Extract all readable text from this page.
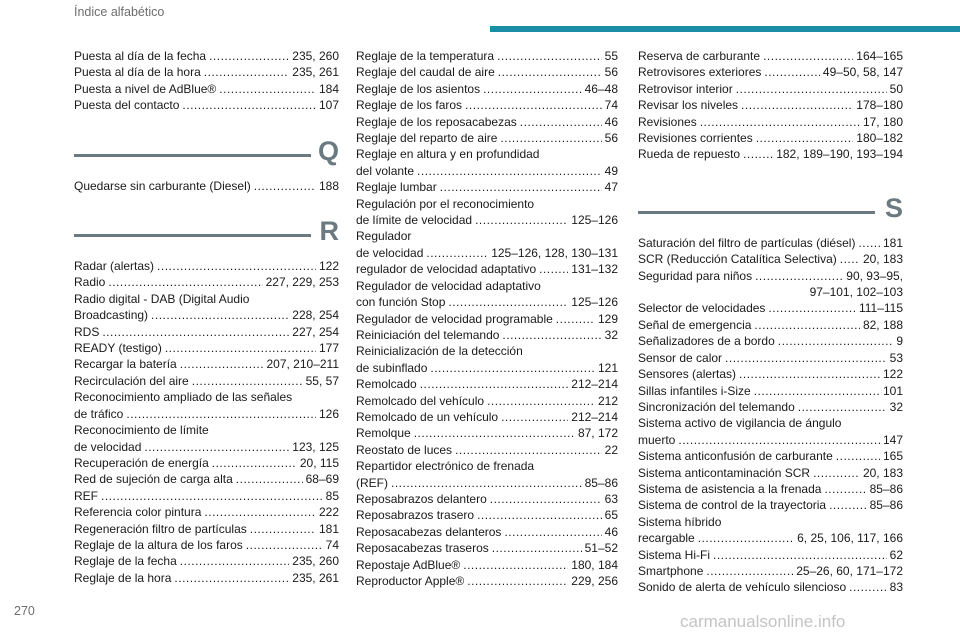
Índice alfabético
Puesta al día de la fecha .....	235, 260
Puesta al día de la hora .....	235, 261
Puesta a nivel de AdBlue® .....	184
Puesta del contacto .....	107
Q
Quedarse sin carburante (Diesel) .....	188
R
Radar (alertas) .....	122
Radio .....	227, 229, 253
Radio digital - DAB (Digital Audio
Broadcasting) .....	228, 254
RDS .....	227, 254
READY (testigo) .....	177
Recargar la batería .....	207, 210–211
Recirculación del aire .....	55, 57
Reconocimiento ampliado de las señales
de tráfico .....	126
Reconocimiento de límite
de velocidad .....	123, 125
Recuperación de energía .....	20, 115
Red de sujeción de carga alta .....	68–69
REF .....	85
Referencia color pintura .....	222
Regeneración filtro de partículas .....	181
Reglaje de la altura de los faros .....	74
Reglaje de la fecha .....	235, 260
Reglaje de la hora .....	235, 261
Reglaje de la temperatura .....	55
Reglaje del caudal de aire .....	56
Reglaje de los asientos .....	46–48
Reglaje de los faros .....	74
Reglaje de los reposacabezas .....	46
Reglaje del reparto de aire .....	56
Reglaje en altura y en profundidad
del volante .....	49
Reglaje lumbar .....	47
Regulación por el reconocimiento
de límite de velocidad .....	125–126
Regulador
de velocidad .....	125–126, 128, 130–131
regulador de velocidad adaptativo .....	131–132
Regulador de velocidad adaptativo
con función Stop .....	125–126
Regulador de velocidad programable .....	129
Reiniciación del telemando .....	32
Reinicialización de la detección
de subinflado .....	121
Remolcado .....	212–214
Remolcado del vehículo .....	212
Remolcado de un vehículo .....	212–214
Remolque .....	87, 172
Reostato de luces .....	22
Repartidor electrónico de frenada
(REF) .....	85–86
Reposabrazos delantero .....	63
Reposabrazos trasero .....	65
Reposacabezas delanteros .....	46
Reposacabezas traseros .....	51–52
Repostaje AdBlue® .....	180, 184
Reproductor Apple® .....	229, 256
Reserva de carburante .....	164–165
Retrovisores exteriores .....	49–50, 58, 147
Retrovisor interior .....	50
Revisar los niveles .....	178–180
Revisiones .....	17, 180
Revisiones corrientes .....	180–182
Rueda de repuesto .....	182, 189–190, 193–194
S
Saturación del filtro de partículas (diésel) ..... 181
SCR (Reducción Catalítica Selectiva) ..... 20, 183
Seguridad para niños .....	90, 93–95,
97–101, 102–103
Selector de velocidades .....	111–115
Señal de emergencia .....	82, 188
Señalizadores de a bordo .....	9
Sensor de calor .....	53
Sensores (alertas) .....	122
Sillas infantiles i-Size .....	101
Sincronización del telemando .....	32
Sistema activo de vigilancia de ángulo
muerto .....	147
Sistema anticonfusión de carburante .....	165
Sistema anticontaminación SCR .....	20, 183
Sistema de asistencia a la frenada .....	85–86
Sistema de control de la trayectoria .....	85–86
Sistema híbrido
recargable .....	6, 25, 106, 117, 166
Sistema Hi-Fi .....	62
Smartphone .....	25–26, 60, 171–172
Sonido de alerta de vehículo silencioso .....	83
270
carmanualsonline.info
